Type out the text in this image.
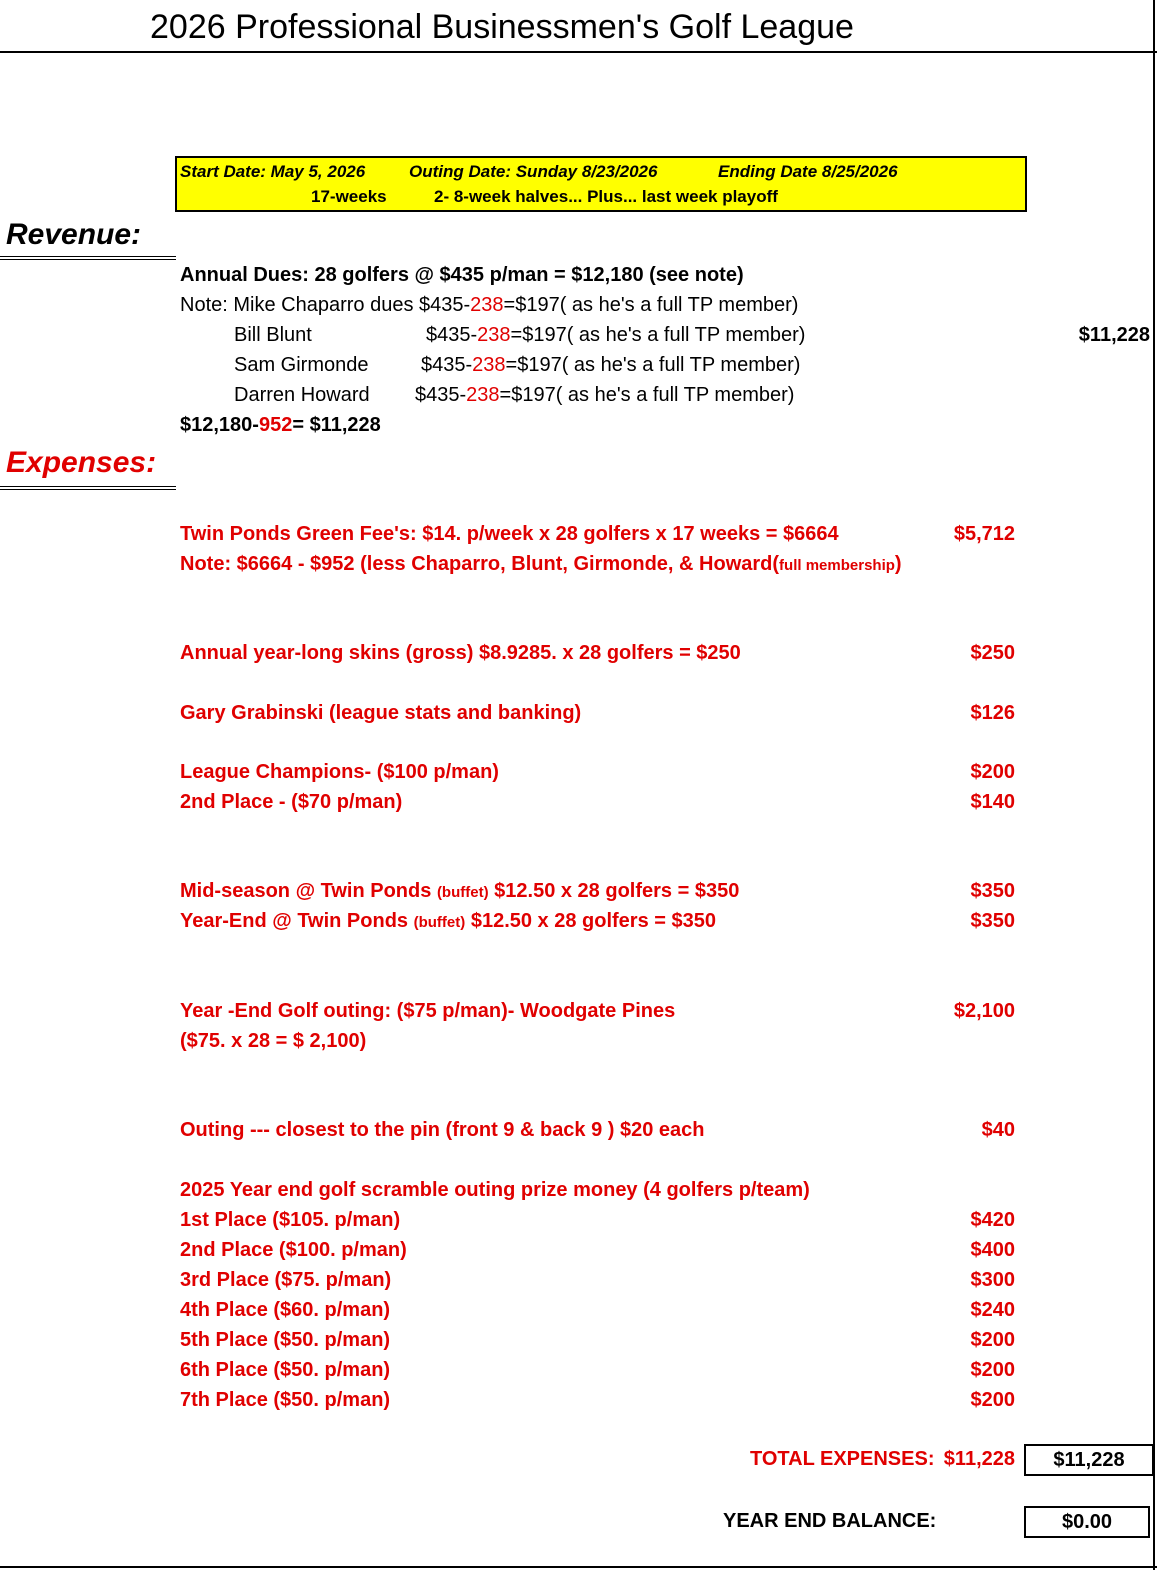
2026 Professional Businessmen's Golf League
Start Date: May 5, 2026	Outing Date: Sunday 8/23/2026	Ending Date 8/25/2026
17-weeks	2- 8-week halves... Plus... last week playoff
Revenue:
Annual Dues: 28 golfers @ $435 p/man = $12,180 (see note)
Note: Mike Chaparro dues $435-238=$197( as he's a full TP member)
Bill Blunt	$435-238=$197( as he's a full TP member)
Sam Girmonde	$435-238=$197( as he's a full TP member)
Darren Howard $435-238=$197( as he's a full TP member)
$12,180-952= $11,228
$11,228
Expenses:
Twin Ponds Green Fee's: $14. p/week x 28 golfers x 17 weeks = $6664	$5,712
Note: $6664 - $952 (less Chaparro, Blunt, Girmonde, & Howard(full membership)
Annual year-long skins (gross) $8.9285. x 28 golfers = $250	$250
Gary Grabinski (league stats and banking)	$126
League Champions- ($100 p/man)	$200
2nd Place - ($70 p/man)	$140
Mid-season @ Twin Ponds (buffet) $12.50 x 28 golfers = $350	$350
Year-End @ Twin Ponds (buffet) $12.50 x 28 golfers = $350	$350
Year -End Golf outing: ($75 p/man)- Woodgate Pines	$2,100
($75. x 28 = $ 2,100)
Outing --- closest to the pin (front 9 & back 9 ) $20 each	$40
2025 Year end golf scramble outing prize money (4 golfers p/team)
1st Place ($105. p/man)	$420
2nd Place ($100. p/man)	$400
3rd Place ($75. p/man)	$300
4th Place ($60. p/man)	$240
5th Place ($50. p/man)	$200
6th Place ($50. p/man)	$200
7th Place ($50. p/man)	$200
TOTAL EXPENSES: $11,228	$11,228
YEAR END BALANCE:	$0.00
